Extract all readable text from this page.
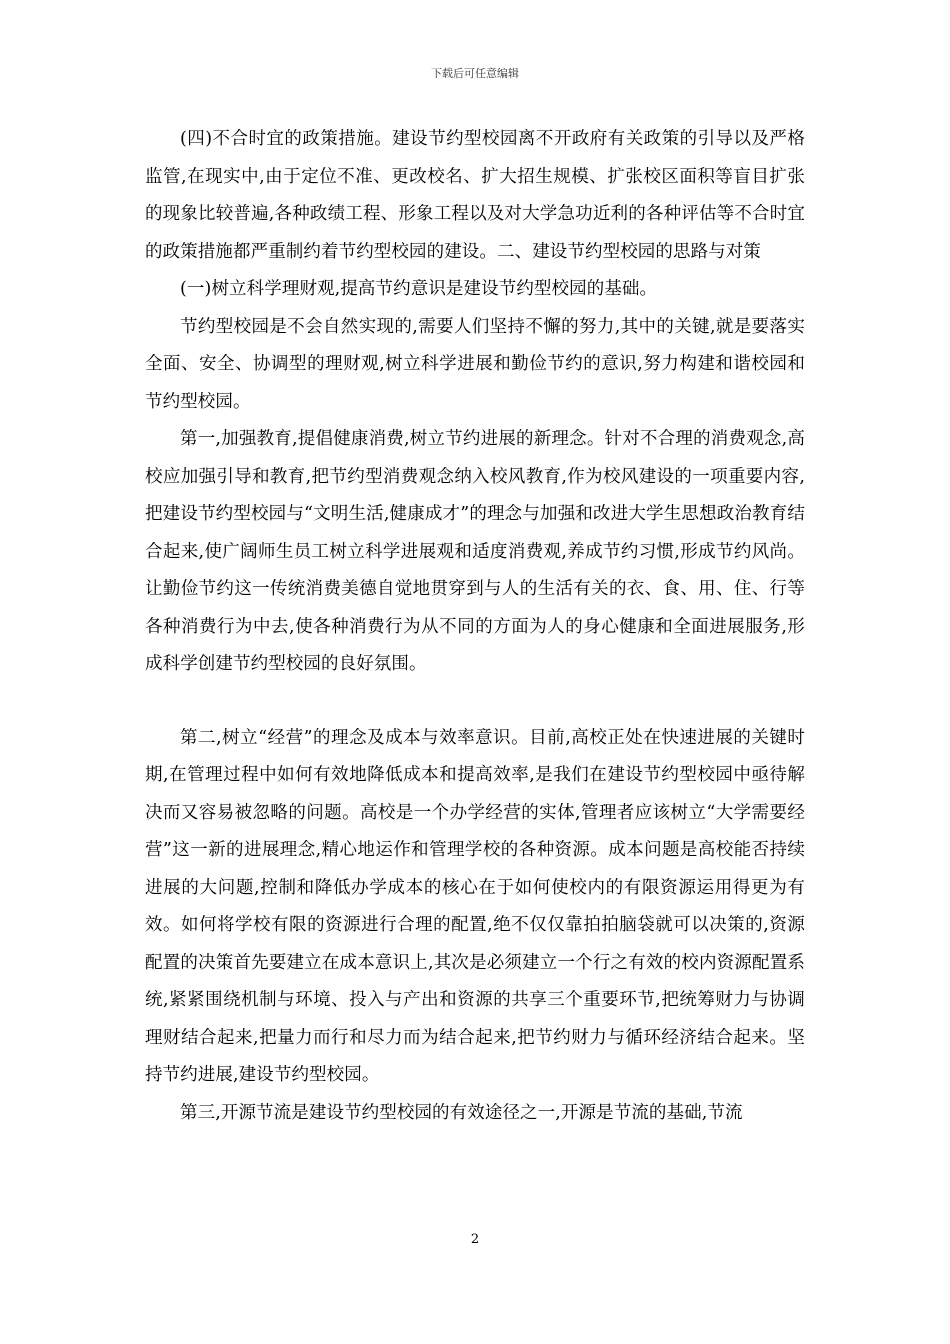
下载后可任意编辑

(四)不合时宜的政策措施。建设节约型校园离不开政府有关政策的引导以及严格监管,在现实中,由于定位不准、更改校名、扩大招生规模、扩张校区面积等盲目扩张的现象比较普遍,各种政绩工程、形象工程以及对大学急功近利的各种评估等不合时宜的政策措施都严重制约着节约型校园的建设。二、建设节约型校园的思路与对策

(一)树立科学理财观,提高节约意识是建设节约型校园的基础。

节约型校园是不会自然实现的,需要人们坚持不懈的努力,其中的关键,就是要落实全面、安全、协调型的理财观,树立科学进展和勤俭节约的意识,努力构建和谐校园和节约型校园。

第一,加强教育,提倡健康消费,树立节约进展的新理念。针对不合理的消费观念,高校应加强引导和教育,把节约型消费观念纳入校风教育,作为校风建设的一项重要内容,把建设节约型校园与“文明生活,健康成才”的理念与加强和改进大学生思想政治教育结合起来,使广阔师生员工树立科学进展观和适度消费观,养成节约习惯,形成节约风尚。让勤俭节约这一传统消费美德自觉地贯穿到与人的生活有关的衣、食、用、住、行等各种消费行为中去,使各种消费行为从不同的方面为人的身心健康和全面进展服务,形成科学创建节约型校园的良好氛围。

第二,树立“经营”的理念及成本与效率意识。目前,高校正处在快速进展的关键时期,在管理过程中如何有效地降低成本和提高效率,是我们在建设节约型校园中亟待解决而又容易被忽略的问题。高校是一个办学经营的实体,管理者应该树立“大学需要经营”这一新的进展理念,精心地运作和管理学校的各种资源。成本问题是高校能否持续进展的大问题,控制和降低办学成本的核心在于如何使校内的有限资源运用得更为有效。如何将学校有限的资源进行合理的配置,绝不仅仅靠拍拍脑袋就可以决策的,资源配置的决策首先要建立在成本意识上,其次是必须建立一个行之有效的校内资源配置系统,紧紧围绕机制与环境、投入与产出和资源的共享三个重要环节,把统筹财力与协调理财结合起来,把量力而行和尽力而为结合起来,把节约财力与循环经济结合起来。坚持节约进展,建设节约型校园。

第三,开源节流是建设节约型校园的有效途径之一,开源是节流的基础,节流

2
